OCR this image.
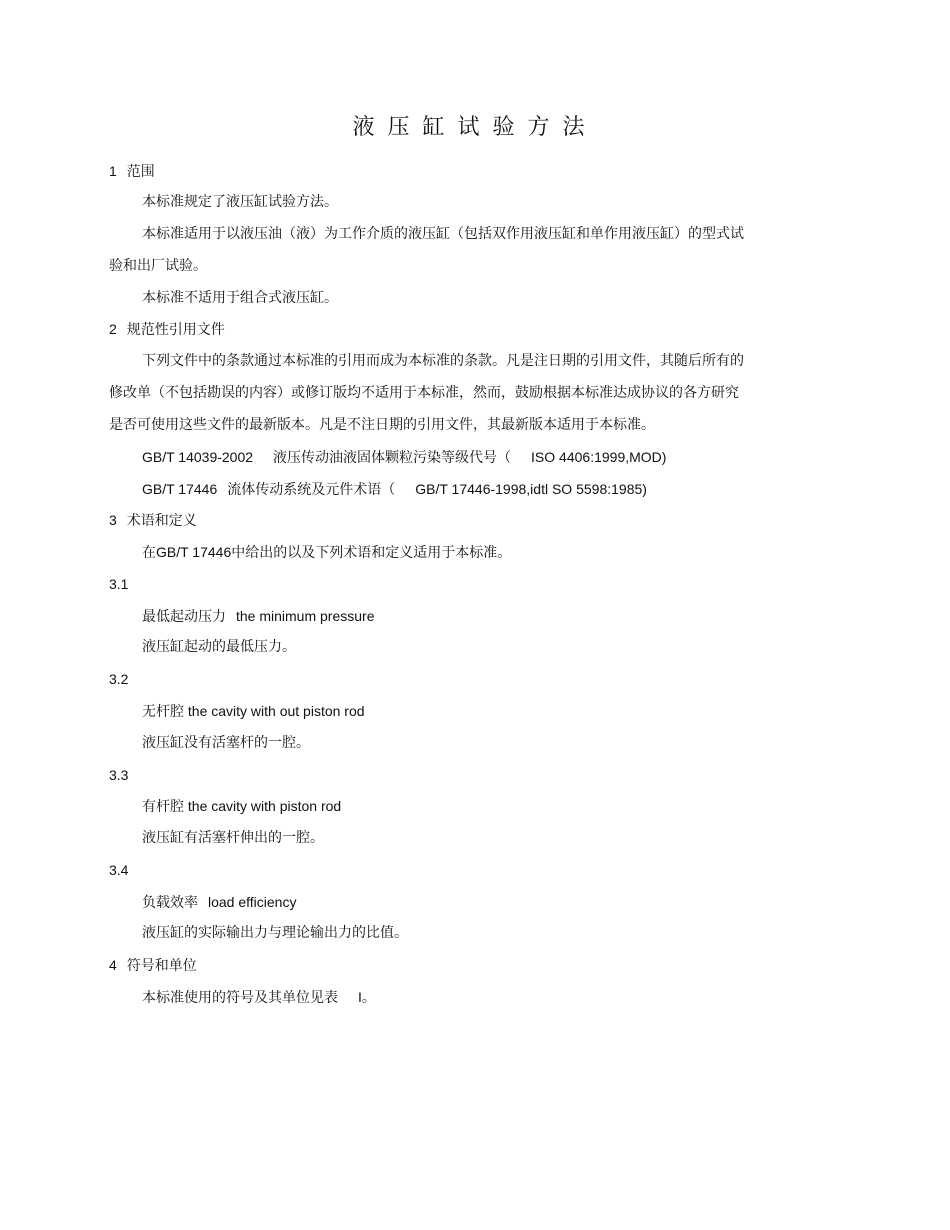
液压缸试验方法
1 范围
本标准规定了液压缸试验方法。
本标准适用于以液压油（液）为工作介质的液压缸（包括双作用液压缸和单作用液压缸）的型式试
验和出厂试验。
本标准不适用于组合式液压缸。
2 规范性引用文件
下列文件中的条款通过本标准的引用而成为本标准的条款。凡是注日期的引用文件，其随后所有的
修改单（不包括勘误的内容）或修订版均不适用于本标准，然而，鼓励根据本标准达成协议的各方研究
是否可使用这些文件的最新版本。凡是不注日期的引用文件，其最新版本适用于本标准。
GB/T 14039-2002 液压传动油液固体颗粒污染等级代号（ ISO 4406:1999,MOD)
GB/T 17446 流体传动系统及元件术语（ GB/T 17446-1998,idtl SO 5598:1985)
3 术语和定义
在GB/T 17446中给出的以及下列术语和定义适用于本标准。
3.1
最低起动压力 the minimum pressure
液压缸起动的最低压力。
3.2
无杆腔 the cavity with out piston rod
液压缸没有活塞杆的一腔。
3.3
有杆腔 the cavity with piston rod
液压缸有活塞杆伸出的一腔。
3.4
负载效率 load efficiency
液压缸的实际输出力与理论输出力的比值。
4 符号和单位
本标准使用的符号及其单位见表 I。
